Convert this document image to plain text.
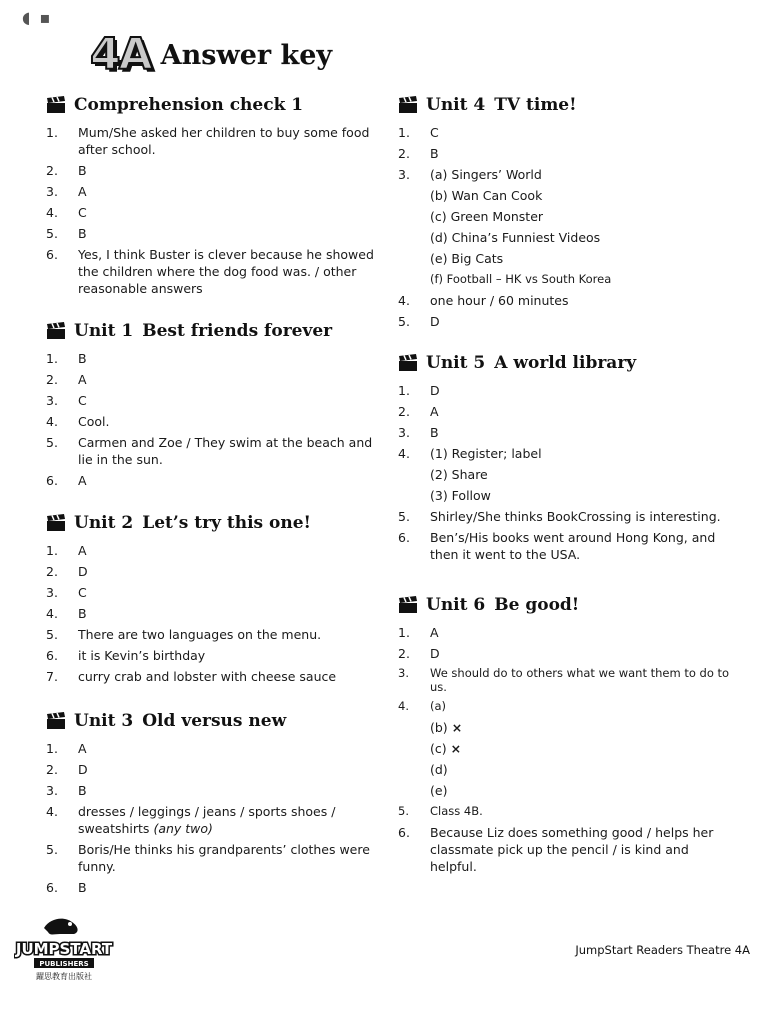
◖ ▪
4A Answer key
Comprehension check 1
1.	Mum/She asked her children to buy some food after school.
2.	B
3.	A
4.	C
5.	B
6.	Yes, I think Buster is clever because he showed the children where the dog food was. / other reasonable answers
Unit 1 Best friends forever
1.	B
2.	A
3.	C
4.	Cool.
5.	Carmen and Zoe / They swim at the beach and lie in the sun.
6.	A
Unit 2 Let’s try this one!
1.	A
2.	D
3.	C
4.	B
5.	There are two languages on the menu.
6.	it is Kevin’s birthday
7.	curry crab and lobster with cheese sauce
Unit 3 Old versus new
1.	A
2.	D
3.	B
4.	dresses / leggings / jeans / sports shoes / sweatshirts (any two)
5.	Boris/He thinks his grandparents’ clothes were funny.
6.	B
Unit 4 TV time!
1.	C
2.	B
3.	(a) Singers’ World
(b) Wan Can Cook
(c) Green Monster
(d) China’s Funniest Videos
(e) Big Cats
(f) Football – HK vs South Korea
4.	one hour / 60 minutes
5.	D
Unit 5 A world library
1.	D
2.	A
3.	B
4.	(1) Register; label
(2) Share
(3) Follow
5.	Shirley/She thinks BookCrossing is interesting.
6.	Ben’s/His books went around Hong Kong, and then it went to the USA.
Unit 6 Be good!
1.	A
2.	D
3.	We should do to others what we want them to do to us.
4.	(a)
(b) ×
(c) ×
(d)
(e)
5.	Class 4B.
6.	Because Liz does something good / helps her classmate pick up the pencil / is kind and helpful.
JUMPSTART
PUBLISHERS
躍思教育出版社
JumpStart Readers Theatre 4A
